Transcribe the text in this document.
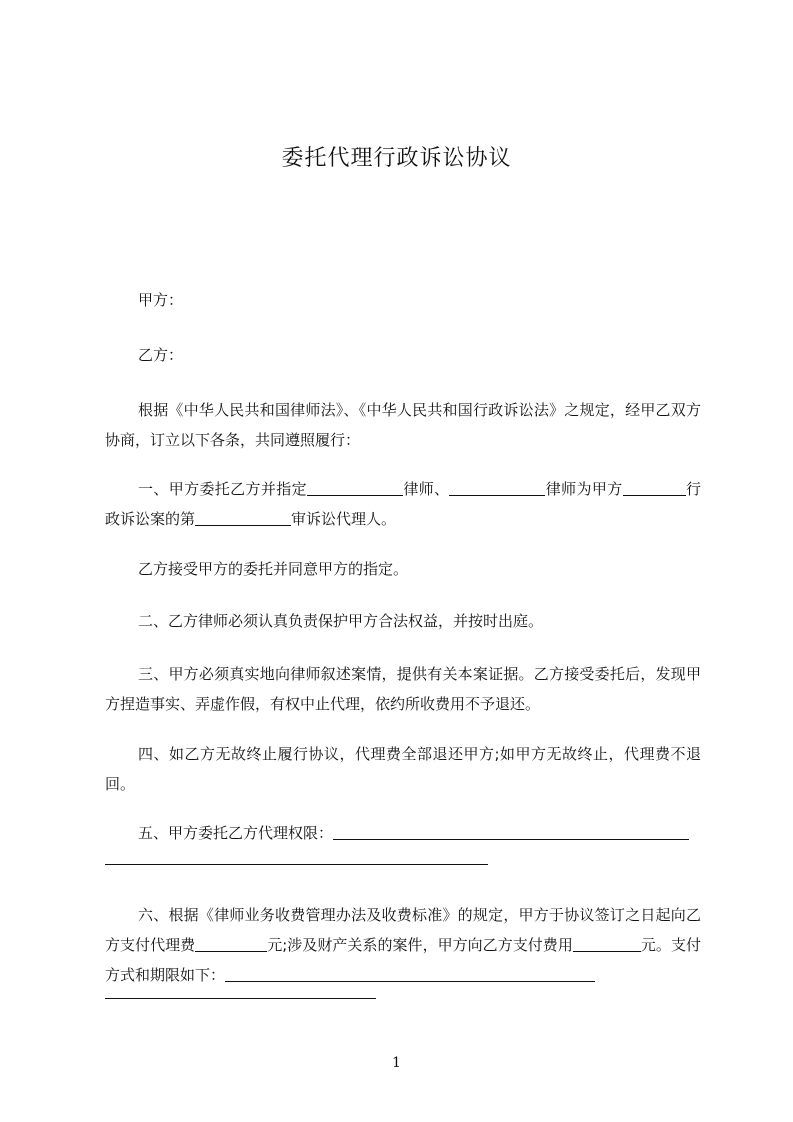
委托代理行政诉讼协议
甲方：
乙方：
根据《中华人民共和国律师法》、《中华人民共和国行政诉讼法》之规定，经甲乙双方协商，订立以下各条，共同遵照履行：
一、甲方委托乙方并指定	律师、	律师为甲方	行政诉讼案的第	审诉讼代理人。
乙方接受甲方的委托并同意甲方的指定。
二、乙方律师必须认真负责保护甲方合法权益，并按时出庭。
三、甲方必须真实地向律师叙述案情，提供有关本案证据。乙方接受委托后，发现甲方捏造事实、弄虚作假，有权中止代理，依约所收费用不予退还。
四、如乙方无故终止履行协议，代理费全部退还甲方;如甲方无故终止，代理费不退回。
五、甲方委托乙方代理权限：
六、根据《律师业务收费管理办法及收费标准》的规定，甲方于协议签订之日起向乙方支付代理费	元;涉及财产关系的案件，甲方向乙方支付费用	元。支付方式和期限如下：
1
